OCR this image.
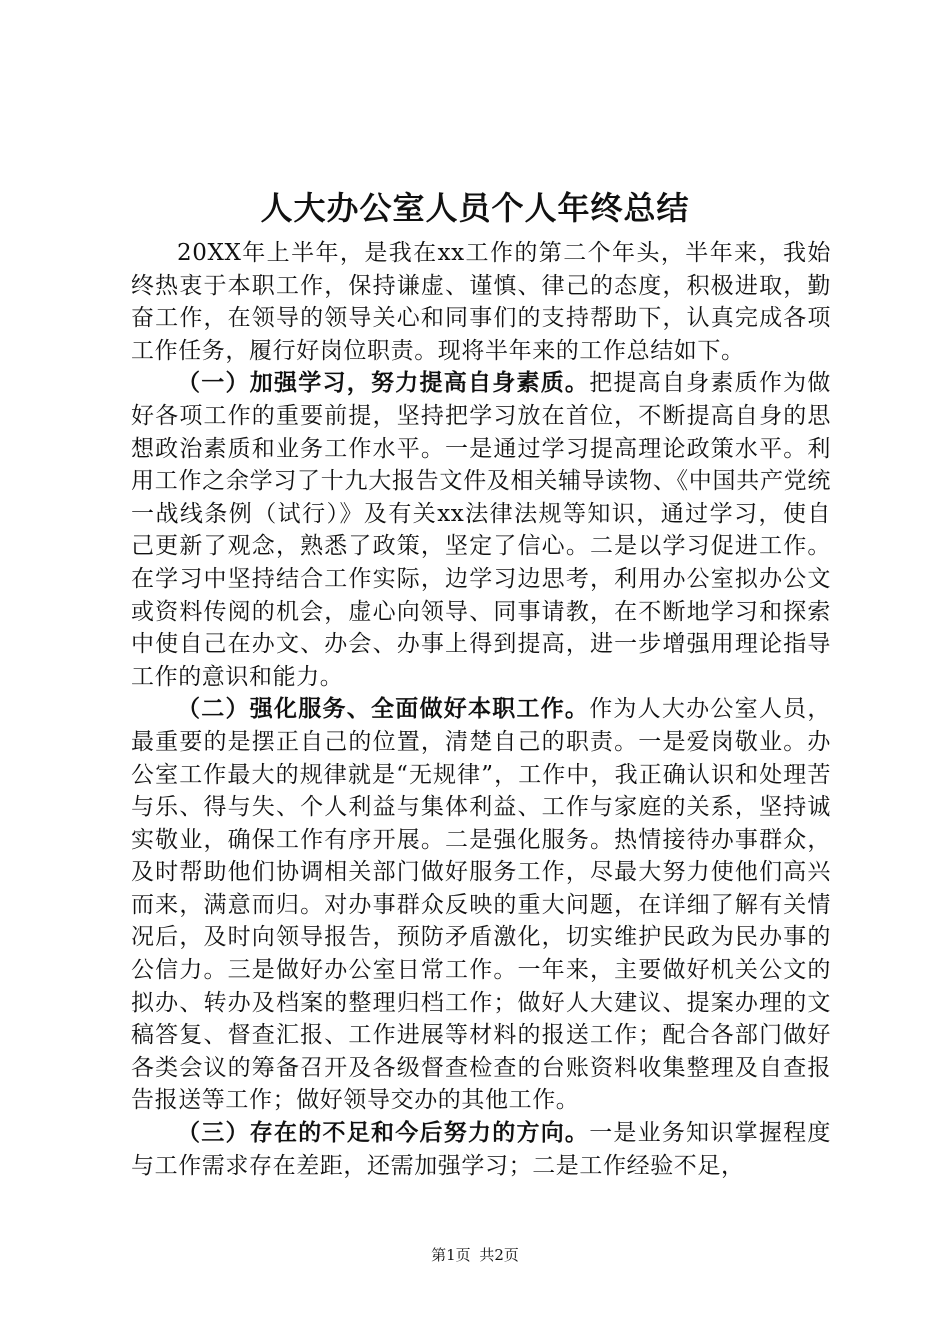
人大办公室人员个人年终总结

20XX年上半年，是我在xx工作的第二个年头，半年来，我始终热衷于本职工作，保持谦虚、谨慎、律己的态度，积极进取，勤奋工作，在领导的领导关心和同事们的支持帮助下，认真完成各项工作任务，履行好岗位职责。现将半年来的工作总结如下。

（一）加强学习，努力提高自身素质。把提高自身素质作为做好各项工作的重要前提，坚持把学习放在首位，不断提高自身的思想政治素质和业务工作水平。一是通过学习提高理论政策水平。利用工作之余学习了十九大报告文件及相关辅导读物、《中国共产党统一战线条例（试行）》及有关xx法律法规等知识，通过学习，使自己更新了观念，熟悉了政策，坚定了信心。二是以学习促进工作。在学习中坚持结合工作实际，边学习边思考，利用办公室拟办公文或资料传阅的机会，虚心向领导、同事请教，在不断地学习和探索中使自己在办文、办会、办事上得到提高，进一步增强用理论指导工作的意识和能力。

（二）强化服务、全面做好本职工作。作为人大办公室人员，最重要的是摆正自己的位置，清楚自己的职责。一是爱岗敬业。办公室工作最大的规律就是“无规律”，工作中，我正确认识和处理苦与乐、得与失、个人利益与集体利益、工作与家庭的关系，坚持诚实敬业，确保工作有序开展。二是强化服务。热情接待办事群众，及时帮助他们协调相关部门做好服务工作，尽最大努力使他们高兴而来，满意而归。对办事群众反映的重大问题，在详细了解有关情况后，及时向领导报告，预防矛盾激化，切实维护民政为民办事的公信力。三是做好办公室日常工作。一年来，主要做好机关公文的拟办、转办及档案的整理归档工作；做好人大建议、提案办理的文稿答复、督查汇报、工作进展等材料的报送工作；配合各部门做好各类会议的筹备召开及各级督查检查的台账资料收集整理及自查报告报送等工作；做好领导交办的其他工作。

（三）存在的不足和今后努力的方向。一是业务知识掌握程度与工作需求存在差距，还需加强学习；二是工作经验不足，

第1页 共2页
